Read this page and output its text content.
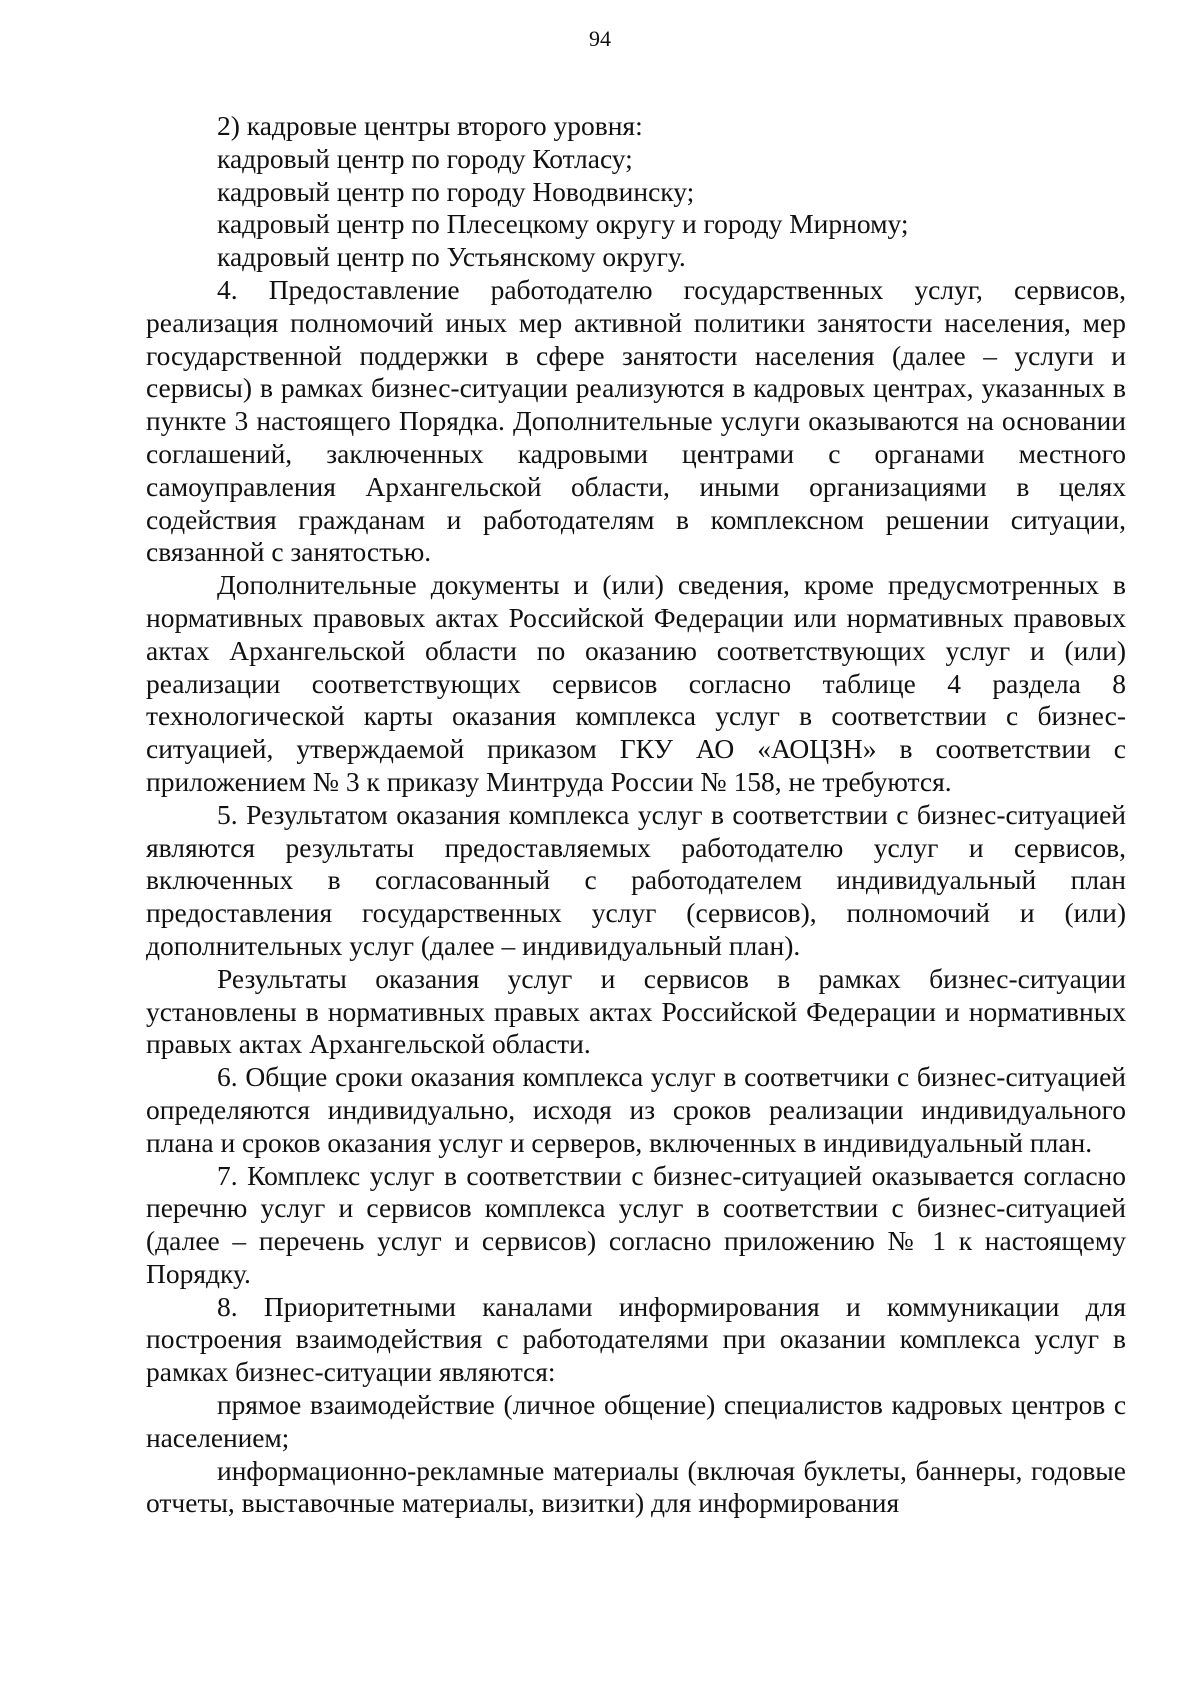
94

2) кадровые центры второго уровня:

кадровый центр по городу Котласу;

кадровый центр по городу Новодвинску;

кадровый центр по Плесецкому округу и городу Мирному;

кадровый центр по Устьянскому округу.

4. Предоставление работодателю государственных услуг, сервисов, реализация полномочий иных мер активной политики занятости населения, мер государственной поддержки в сфере занятости населения (далее – услуги и сервисы) в рамках бизнес-ситуации реализуются в кадровых центрах, указанных в пункте 3 настоящего Порядка. Дополнительные услуги оказываются на основании соглашений, заключенных кадровыми центрами с органами местного самоуправления Архангельской области, иными организациями в целях содействия гражданам и работодателям в комплексном решении ситуации, связанной с занятостью.

Дополнительные документы и (или) сведения, кроме предусмотренных в нормативных правовых актах Российской Федерации или нормативных правовых актах Архангельской области по оказанию соответствующих услуг и (или) реализации соответствующих сервисов согласно таблице 4 раздела 8 технологической карты оказания комплекса услуг в соответствии с бизнес-ситуацией, утверждаемой приказом ГКУ АО «АОЦЗН» в соответствии с приложением № 3 к приказу Минтруда России № 158, не требуются.

5. Результатом оказания комплекса услуг в соответствии с бизнес-ситуацией являются результаты предоставляемых работодателю услуг и сервисов, включенных в согласованный с работодателем индивидуальный план предоставления государственных услуг (сервисов), полномочий и (или) дополнительных услуг (далее – индивидуальный план).

Результаты оказания услуг и сервисов в рамках бизнес-ситуации установлены в нормативных правых актах Российской Федерации и нормативных правых актах Архангельской области.

6. Общие сроки оказания комплекса услуг в соответчики с бизнес-ситуацией определяются индивидуально, исходя из сроков реализации индивидуального плана и сроков оказания услуг и серверов, включенных в индивидуальный план.

7. Комплекс услуг в соответствии с бизнес-ситуацией оказывается согласно перечню услуг и сервисов комплекса услуг в соответствии с бизнес-ситуацией (далее – перечень услуг и сервисов) согласно приложению № 1 к настоящему Порядку.

8. Приоритетными каналами информирования и коммуникации для построения взаимодействия с работодателями при оказании комплекса услуг в рамках бизнес-ситуации являются:

прямое взаимодействие (личное общение) специалистов кадровых центров с населением;

информационно-рекламные материалы (включая буклеты, баннеры, годовые отчеты, выставочные материалы, визитки) для информирования
